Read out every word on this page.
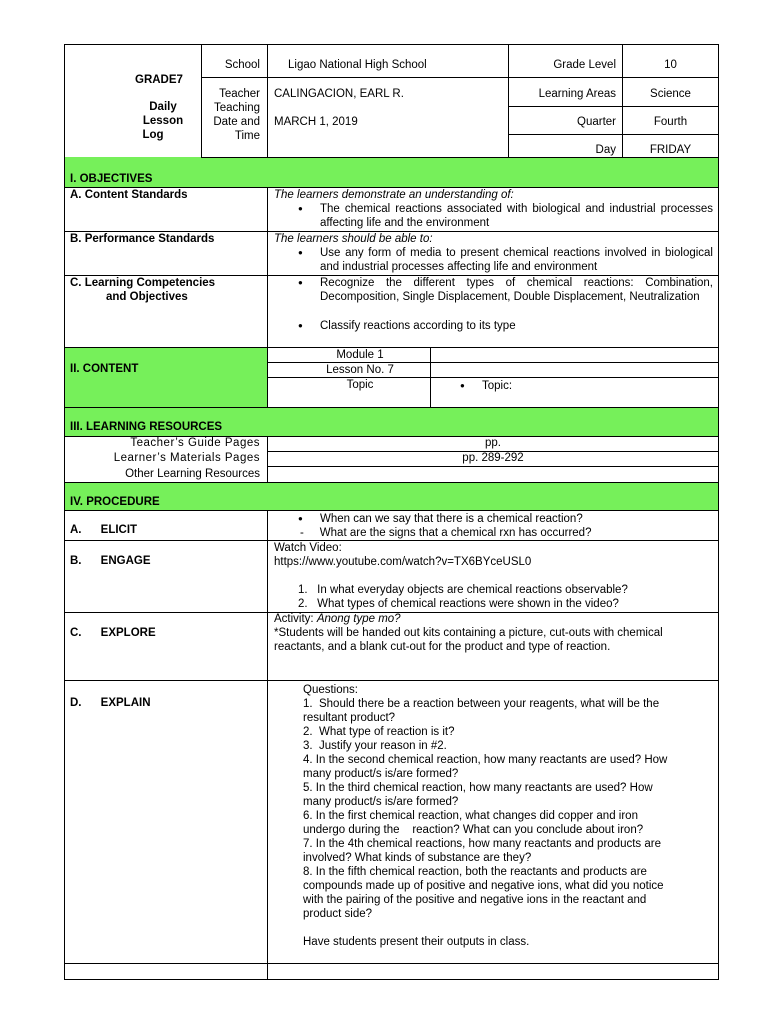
GRADE7
Daily
Lesson
Log
School Ligao National High School
Teacher CALINGACION, EARL R.
Teaching
Date and
Time
MARCH 1, 2019
Grade Level	10
Learning Areas	Science
Quarter	Fourth
Day	FRIDAY
I. OBJECTIVES
A. Content Standards	The learners demonstrate an understanding of:
● The chemical reactions associated with biological and industrial processes affecting life and the environment
B. Performance Standards	The learners should be able to:
● Use any form of media to present chemical reactions involved in biological and industrial processes affecting life and environment
C. Learning Competencies
and Objectives
● Recognize the different types of chemical reactions: Combination, Decomposition, Single Displacement, Double Displacement, Neutralization
● Classify reactions according to its type
II. CONTENT
Module 1
Lesson No. 7
Topic
●	Topic:
III. LEARNING RESOURCES
Teacher’s Guide Pages	pp.
Learner’s Materials Pages	pp. 289-292
Other Learning Resources
IV. PROCEDURE
A.      ELICIT
● When can we say that there is a chemical reaction?
-     What are the signs that a chemical rxn has occurred?
B.      ENGAGE
Watch Video:
https://www.youtube.com/watch?v=TX6BYceUSL0
1.   In what everyday objects are chemical reactions observable?
2.   What types of chemical reactions were shown in the video?
C.      EXPLORE
Activity: Anong type mo?
*Students will be handed out kits containing a picture, cut-outs with chemical
reactants, and a blank cut-out for the product and type of reaction.
D.      EXPLAIN
Questions:
1.  Should there be a reaction between your reagents, what will be the
resultant product?
2.  What type of reaction is it?
3.  Justify your reason in #2.
4. In the second chemical reaction, how many reactants are used? How
many product/s is/are formed?
5. In the third chemical reaction, how many reactants are used? How
many product/s is/are formed?
6. In the first chemical reaction, what changes did copper and iron
undergo during the    reaction? What can you conclude about iron?
7. In the 4th chemical reactions, how many reactants and products are
involved? What kinds of substance are they?
8. In the fifth chemical reaction, both the reactants and products are
compounds made up of positive and negative ions, what did you notice
with the pairing of the positive and negative ions in the reactant and
product side?
Have students present their outputs in class.
